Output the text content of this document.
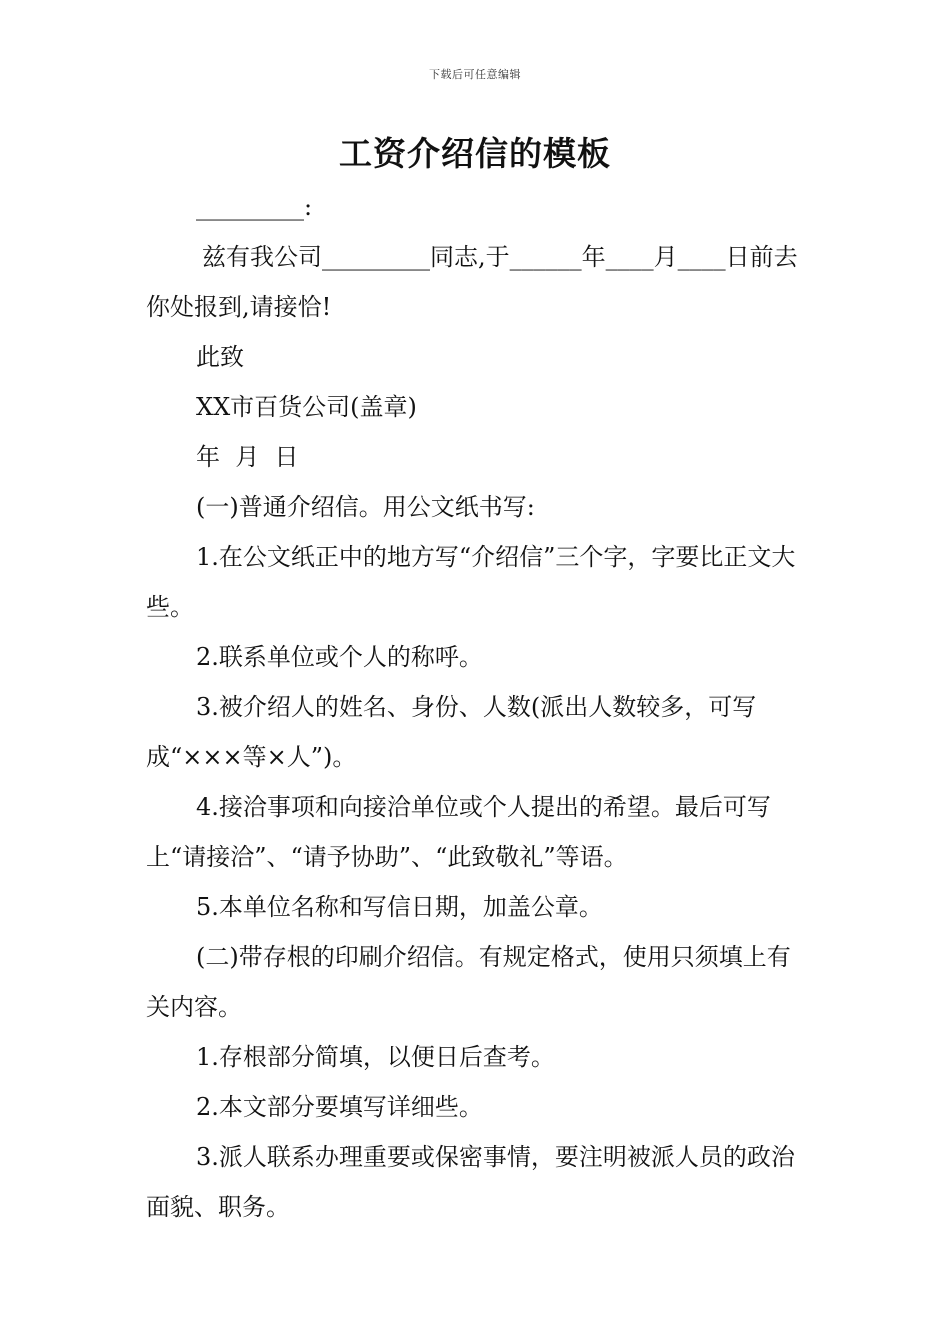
下载后可任意编辑
工资介绍信的模板

_________:

兹有我公司_________同志,于______年____月____日前去你处报到,请接恰!

此致

XX市百货公司(盖章)

年  月  日

(一)普通介绍信。用公文纸书写:

1.在公文纸正中的地方写“介绍信”三个字，字要比正文大些。

2.联系单位或个人的称呼。

3.被介绍人的姓名、身份、人数(派出人数较多，可写成“×××等×人”)。

4.接洽事项和向接洽单位或个人提出的希望。最后可写上“请接洽”、“请予协助”、“此致敬礼”等语。

5.本单位名称和写信日期，加盖公章。

(二)带存根的印刷介绍信。有规定格式，使用只须填上有关内容。

1.存根部分简填，以便日后查考。

2.本文部分要填写详细些。

3.派人联系办理重要或保密事情，要注明被派人员的政治面貌、职务。
